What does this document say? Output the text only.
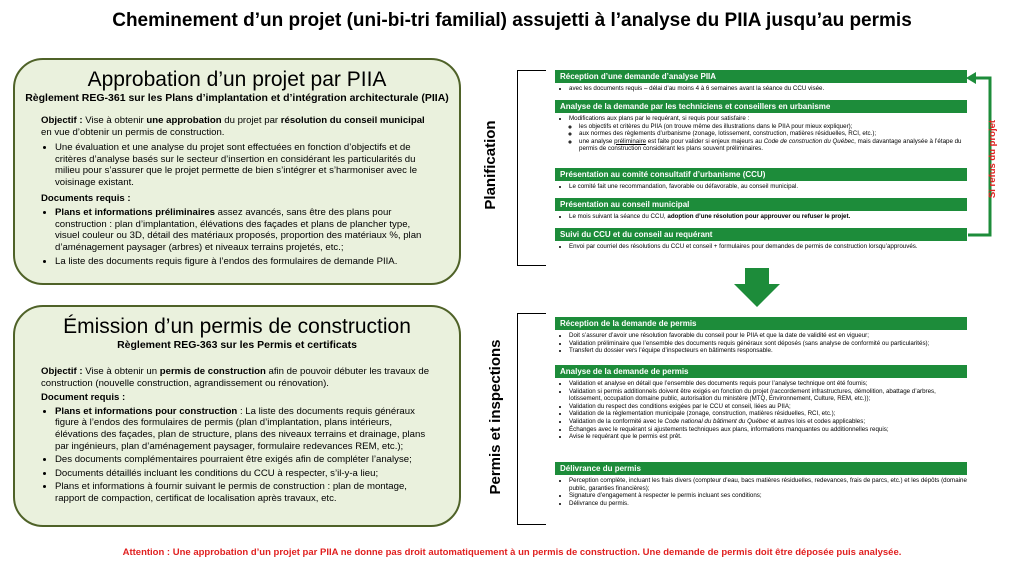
Cheminement d’un projet (uni-bi-tri familial) assujetti à l’analyse du PIIA jusqu’au permis
Approbation d’un projet par PIIA
Règlement REG-361 sur les Plans d’implantation et d’intégration architecturale (PIIA)

Objectif : Vise à obtenir une approbation du projet par résolution du conseil municipal en vue d’obtenir un permis de construction.

• Une évaluation et une analyse du projet sont effectuées en fonction d’objectifs et de critères d’analyse basés sur le secteur d’insertion en considérant les particularités du milieu pour s’assurer que le projet permette de bien s’intégrer et s’harmoniser avec le voisinage existant.

Documents requis :

• Plans et informations préliminaires assez avancés, sans être des plans pour construction : plan d’implantation, élévations des façades et plans de plancher type, visuel couleur ou 3D, détail des matériaux proposés, proportion des matériaux %, plan d’aménagement paysager (arbres) et niveaux terrains projetés, etc.;
• La liste des documents requis figure à l’endos des formulaires de demande PIIA.
Émission d’un permis de construction
Règlement REG-363 sur les Permis et certificats

Objectif : Vise à obtenir un permis de construction afin de pouvoir débuter les travaux de construction (nouvelle construction, agrandissement ou rénovation).

Document requis :

• Plans et informations pour construction : La liste des documents requis généraux figure à l’endos des formulaires de permis (plan d’implantation, plans intérieurs, élévations des façades, plan de structure, plans des niveaux terrains et drainage, plans par ingénieurs, plan d’aménagement paysager, formulaire redevances REM, etc.);
• Des documents complémentaires pourraient être exigés afin de compléter l’analyse;
• Documents détaillés incluant les conditions du CCU à respecter, s’il-y-a lieu;
• Plans et informations à fournir suivant le permis de construction : plan de montage, rapport de compaction, certificat de localisation après travaux, etc.
Planification
Réception d’une demande d’analyse PIIA
• avec les documents requis – délai d’au moins 4 à 6 semaines avant la séance du CCU visée.
Analyse de la demande par les techniciens et conseillers en urbanisme
• Modifications aux plans par le requérant, si requis pour satisfaire :
◦ les objectifs et critères du PIIA (on trouve même des illustrations dans le PIIA pour mieux expliquer);
◦ aux normes des règlements d’urbanisme (zonage, lotissement, construction, matières résiduelles, RCI, etc.);
◦ une analyse préliminaire est faite pour valider si enjeux majeurs au Code de construction du Québec, mais davantage analysée à l’étape du permis de construction considérant les plans souvent préliminaires.
Présentation au comité consultatif d’urbanisme (CCU)
• Le comité fait une recommandation, favorable ou défavorable, au conseil municipal.
Présentation au conseil municipal
• Le mois suivant la séance du CCU, adoption d’une résolution pour approuver ou refuser le projet.
Suivi du CCU et du conseil au requérant
• Envoi par courriel des résolutions du CCU et conseil + formulaires pour demandes de permis de construction lorsqu’approuvés.
Si refus du projet
Permis et inspections
Réception de la demande de permis
• Doit s’assurer d’avoir une résolution favorable du conseil pour le PIIA et que la date de validité est en vigueur;
• Validation préliminaire que l’ensemble des documents requis généraux sont déposés (sans analyse de conformité ou particularités);
• Transfert du dossier vers l’équipe d’inspecteurs en bâtiments responsable.
Analyse de la demande de permis
• Validation et analyse en détail que l’ensemble des documents requis pour l’analyse technique ont été fournis;
• Validation si permis additionnels doivent être exigés en fonction du projet (raccordement infrastructures, démolition, abattage d’arbres, lotissement, occupation domaine public, autorisation du ministère (MTQ, Environnement, Culture, REM, etc.));
• Validation du respect des conditions exigées par le CCU et conseil, liées au PIIA;
• Validation de la réglementation municipale (zonage, construction, matières résiduelles, RCI, etc.);
• Validation de la conformité avec le Code national du bâtiment du Québec et autres lois et codes applicables;
• Échanges avec le requérant si ajustements techniques aux plans, informations manquantes ou additionnelles requis;
• Avise le requérant que le permis est prêt.
Délivrance du permis
• Perception complète, incluant les frais divers (compteur d’eau, bacs matières résiduelles, redevances, frais de parcs, etc.) et les dépôts (domaine public, garanties financières);
• Signature d’engagement à respecter le permis incluant ses conditions;
• Délivrance du permis.
Attention : Une approbation d’un projet par PIIA ne donne pas droit automatiquement à un permis de construction. Une demande de permis doit être déposée puis analysée.
